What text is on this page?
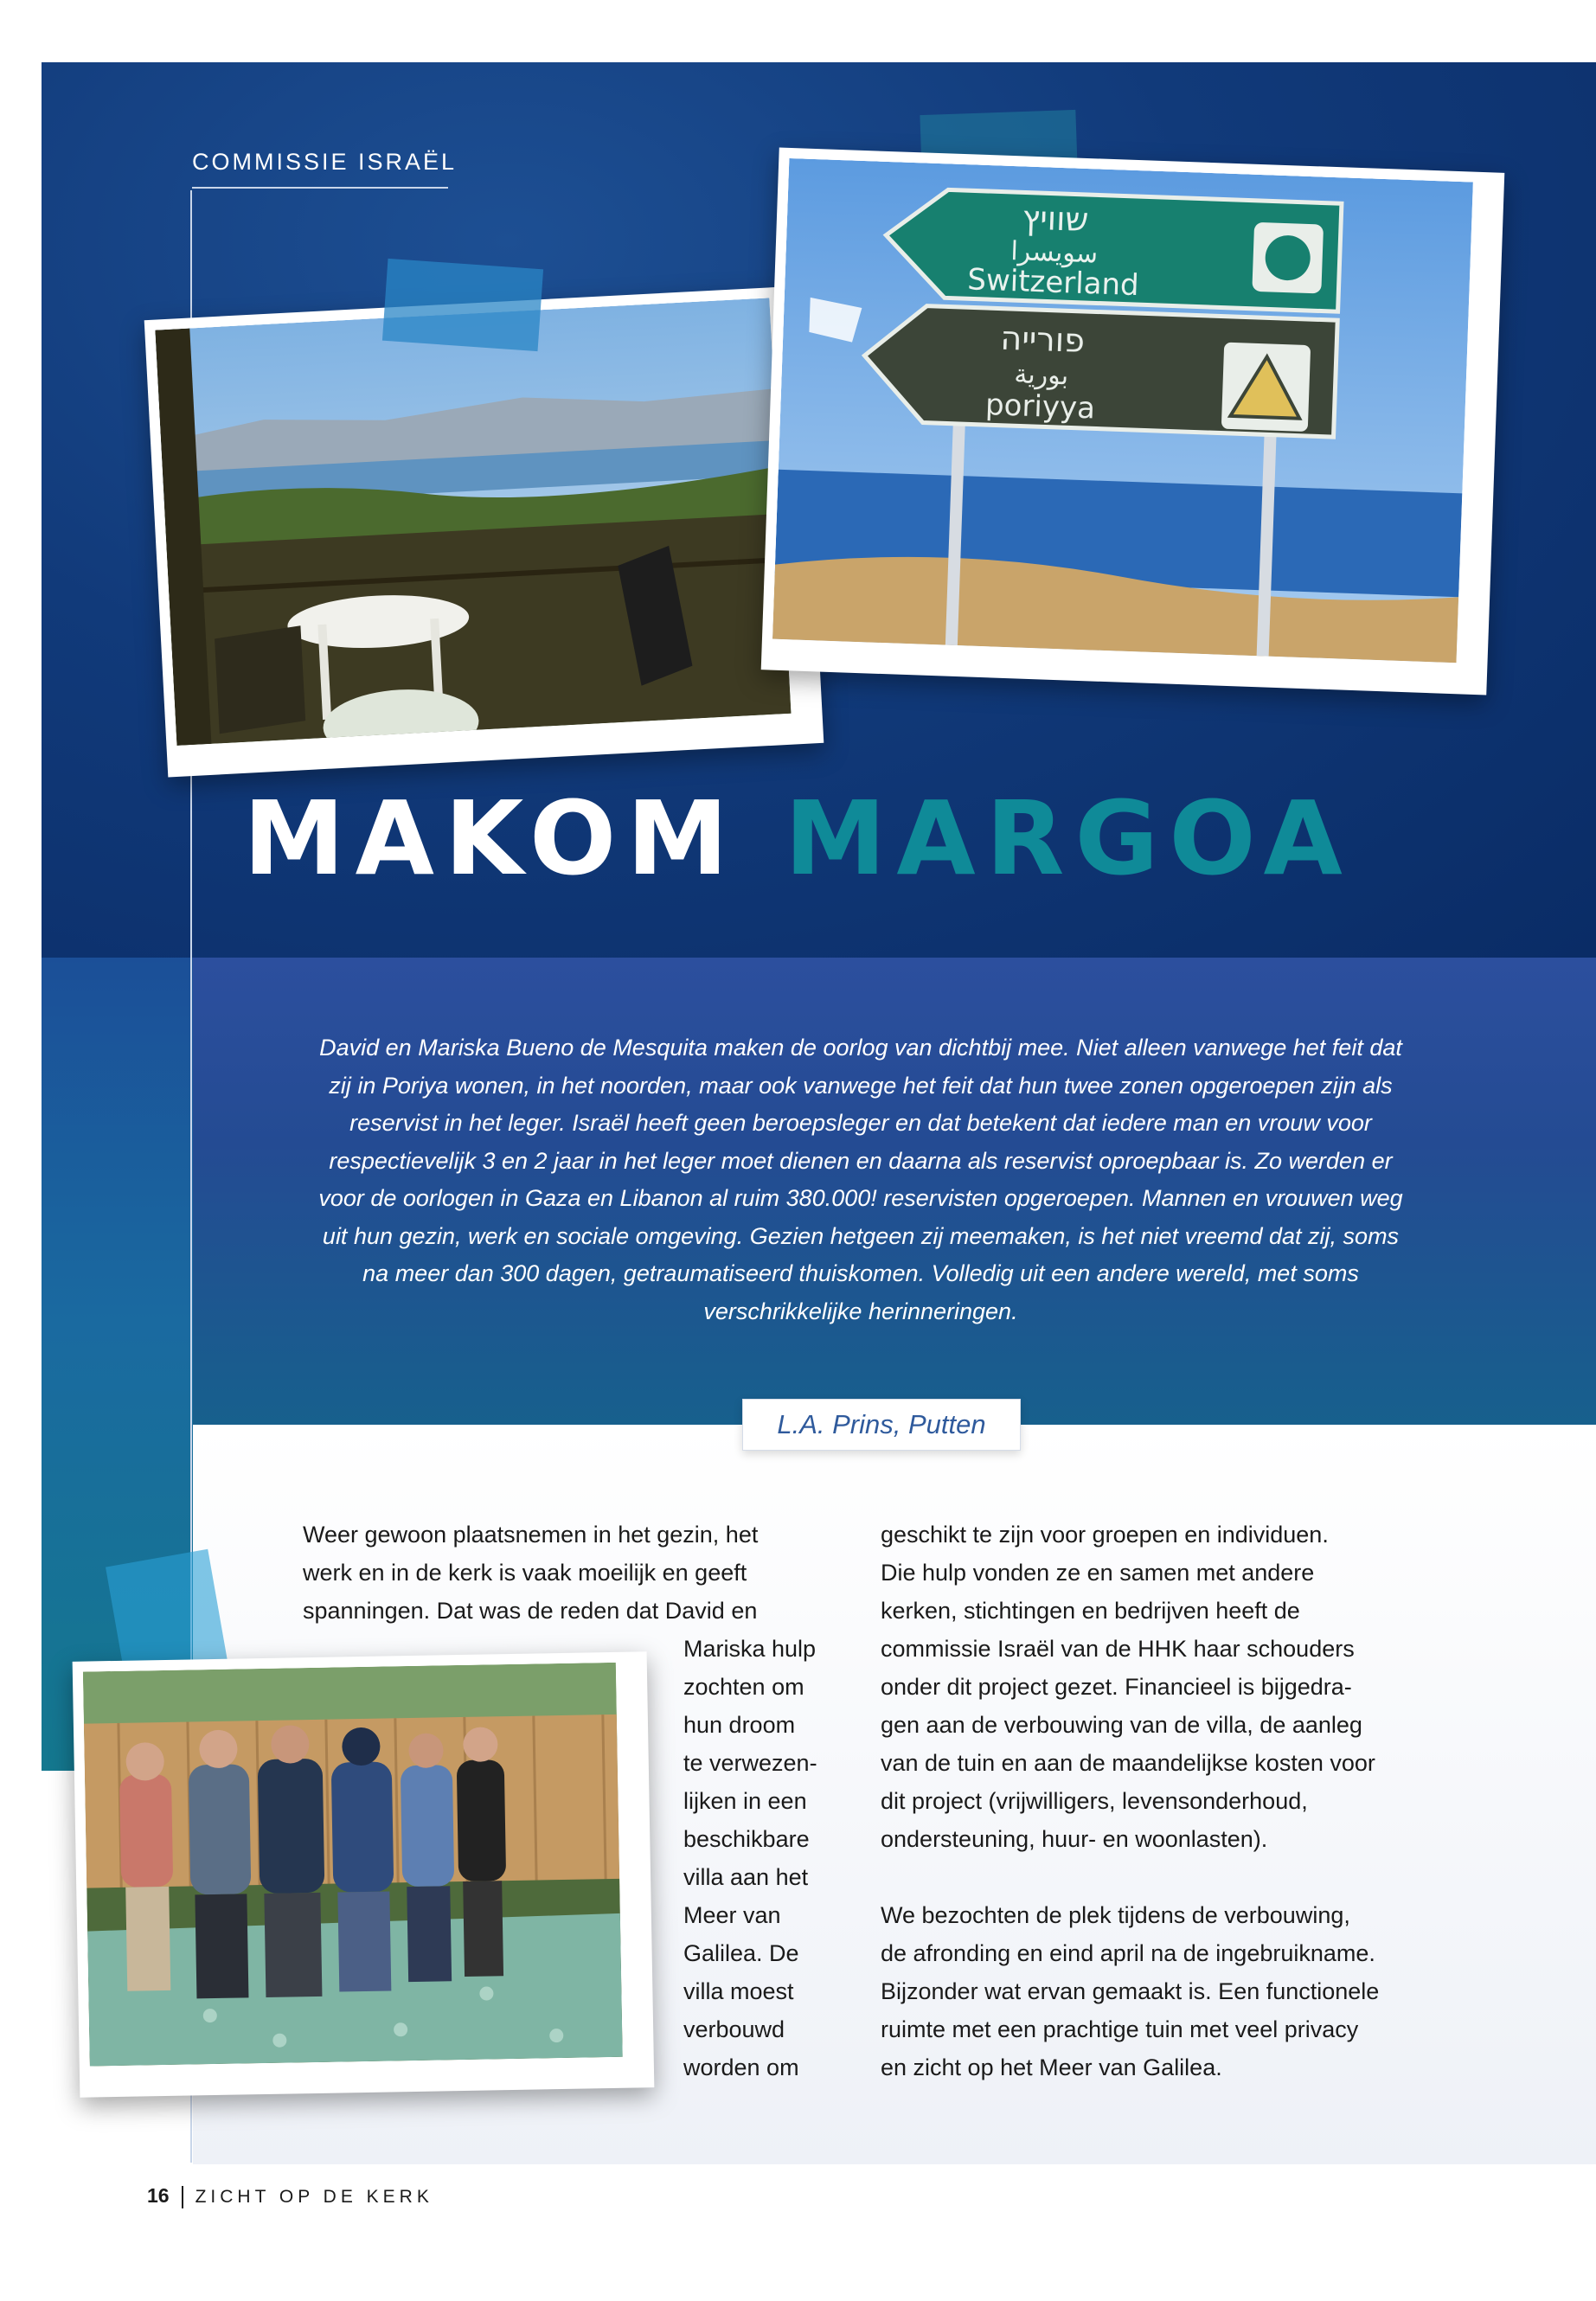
COMMISSIE ISRAËL
שוויץ
سويسرا
Switzerland
פורייה
بورية
poriyya
MAKOM MARGOA
David en Mariska Bueno de Mesquita maken de oorlog van dichtbij mee. Niet alleen vanwege het feit dat zij in Poriya wonen, in het noorden, maar ook vanwege het feit dat hun twee zonen opgeroepen zijn als reservist in het leger. Israël heeft geen beroepsleger en dat betekent dat iedere man en vrouw voor respectievelijk 3 en 2 jaar in het leger moet dienen en daarna als reservist oproepbaar is. Zo werden er voor de oorlogen in Gaza en Libanon al ruim 380.000! reservisten opgeroepen. Mannen en vrouwen weg uit hun gezin, werk en sociale omgeving. Gezien hetgeen zij meemaken, is het niet vreemd dat zij, soms na meer dan 300 dagen, getraumatiseerd thuiskomen. Volledig uit een andere wereld, met soms verschrikkelijke herinneringen.
L.A. Prins, Putten

Weer gewoon plaatsnemen in het gezin, het

werk en in de kerk is vaak moeilijk en geeft

spanningen. Dat was de reden dat David en

Mariska hulp

zochten om

hun droom

te verwezen-

lijken in een

beschikbare

villa aan het

Meer van

Galilea. De

villa moest

verbouwd

worden om

geschikt te zijn voor groepen en individuen.

Die hulp vonden ze en samen met andere

kerken, stichtingen en bedrijven heeft de

commissie Israël van de HHK haar schouders

onder dit project gezet. Financieel is bijgedra-

gen aan de verbouwing van de villa, de aanleg

van de tuin en aan de maandelijkse kosten voor

dit project (vrijwilligers, levensonderhoud,

ondersteuning, huur- en woonlasten).

We bezochten de plek tijdens de verbouwing,

de afronding en eind april na de ingebruikname.

Bijzonder wat ervan gemaakt is. Een functionele

ruimte met een prachtige tuin met veel privacy

en zicht op het Meer van Galilea.

16 ZICHT OP DE KERK
